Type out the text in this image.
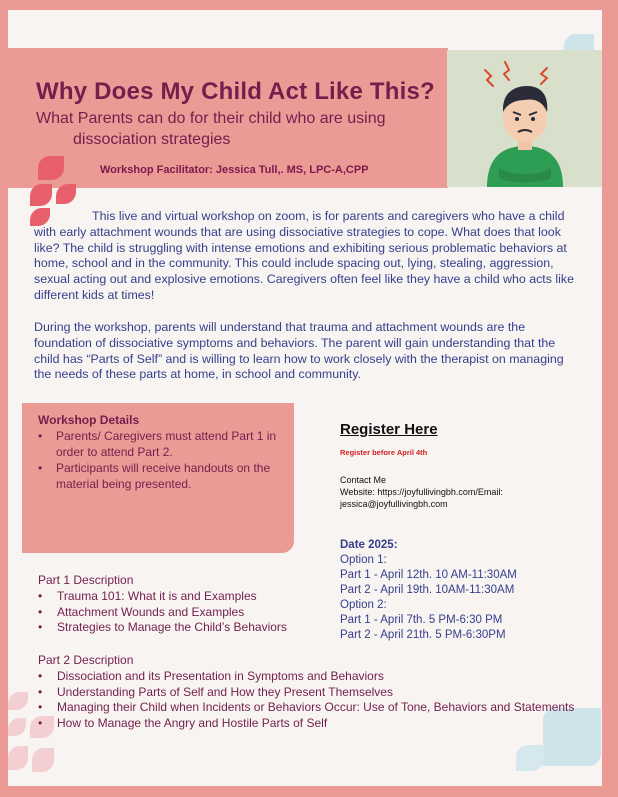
Why Does My Child Act Like This?
What Parents can do for their child who are using
dissociation strategies
Workshop Facilitator: Jessica Tull,. MS, LPC-A,CPP

This live and virtual workshop on zoom, is for parents and caregivers who have a child with early attachment wounds that are using dissociative strategies to cope. What does that look like? The child is struggling with intense emotions and exhibiting serious problematic behaviors at home, school and in the community. This could include spacing out, lying, stealing, aggression, sexual acting out and explosive emotions. Caregivers often feel like they have a child who acts like different kids at times!

During the workshop, parents will understand that trauma and attachment wounds are the foundation of dissociative symptoms and behaviors. The parent will gain understanding that the child has “Parts of Self” and is willing to learn how to work closely with the therapist on managing the needs of these parts at home, in school and community.

Workshop Details
• Parents/ Caregivers must attend Part 1 in order to attend Part 2.
• Participants will receive handouts on the material being presented.
Register Here
Register before April 4th
Contact Me
Website: https://joyfullivingbh.com/Email: jessica@joyfullivingbh.com
Date 2025:
Option 1:
Part 1 - April 12th. 10 AM-11:30AM
Part 2 - April 19th. 10AM-11:30AM
Option 2:
Part 1 - April 7th. 5 PM-6:30 PM
Part 2 - April 21th. 5 PM-6:30PM
Part 1 Description
• Trauma 101: What it is and Examples
• Attachment Wounds and Examples
• Strategies to Manage the Child’s Behaviors
Part 2 Description
• Dissociation and its Presentation in Symptoms and Behaviors
• Understanding Parts of Self and How they Present Themselves
• Managing their Child when Incidents or Behaviors Occur: Use of Tone, Behaviors and Statements
• How to Manage the Angry and Hostile Parts of Self
